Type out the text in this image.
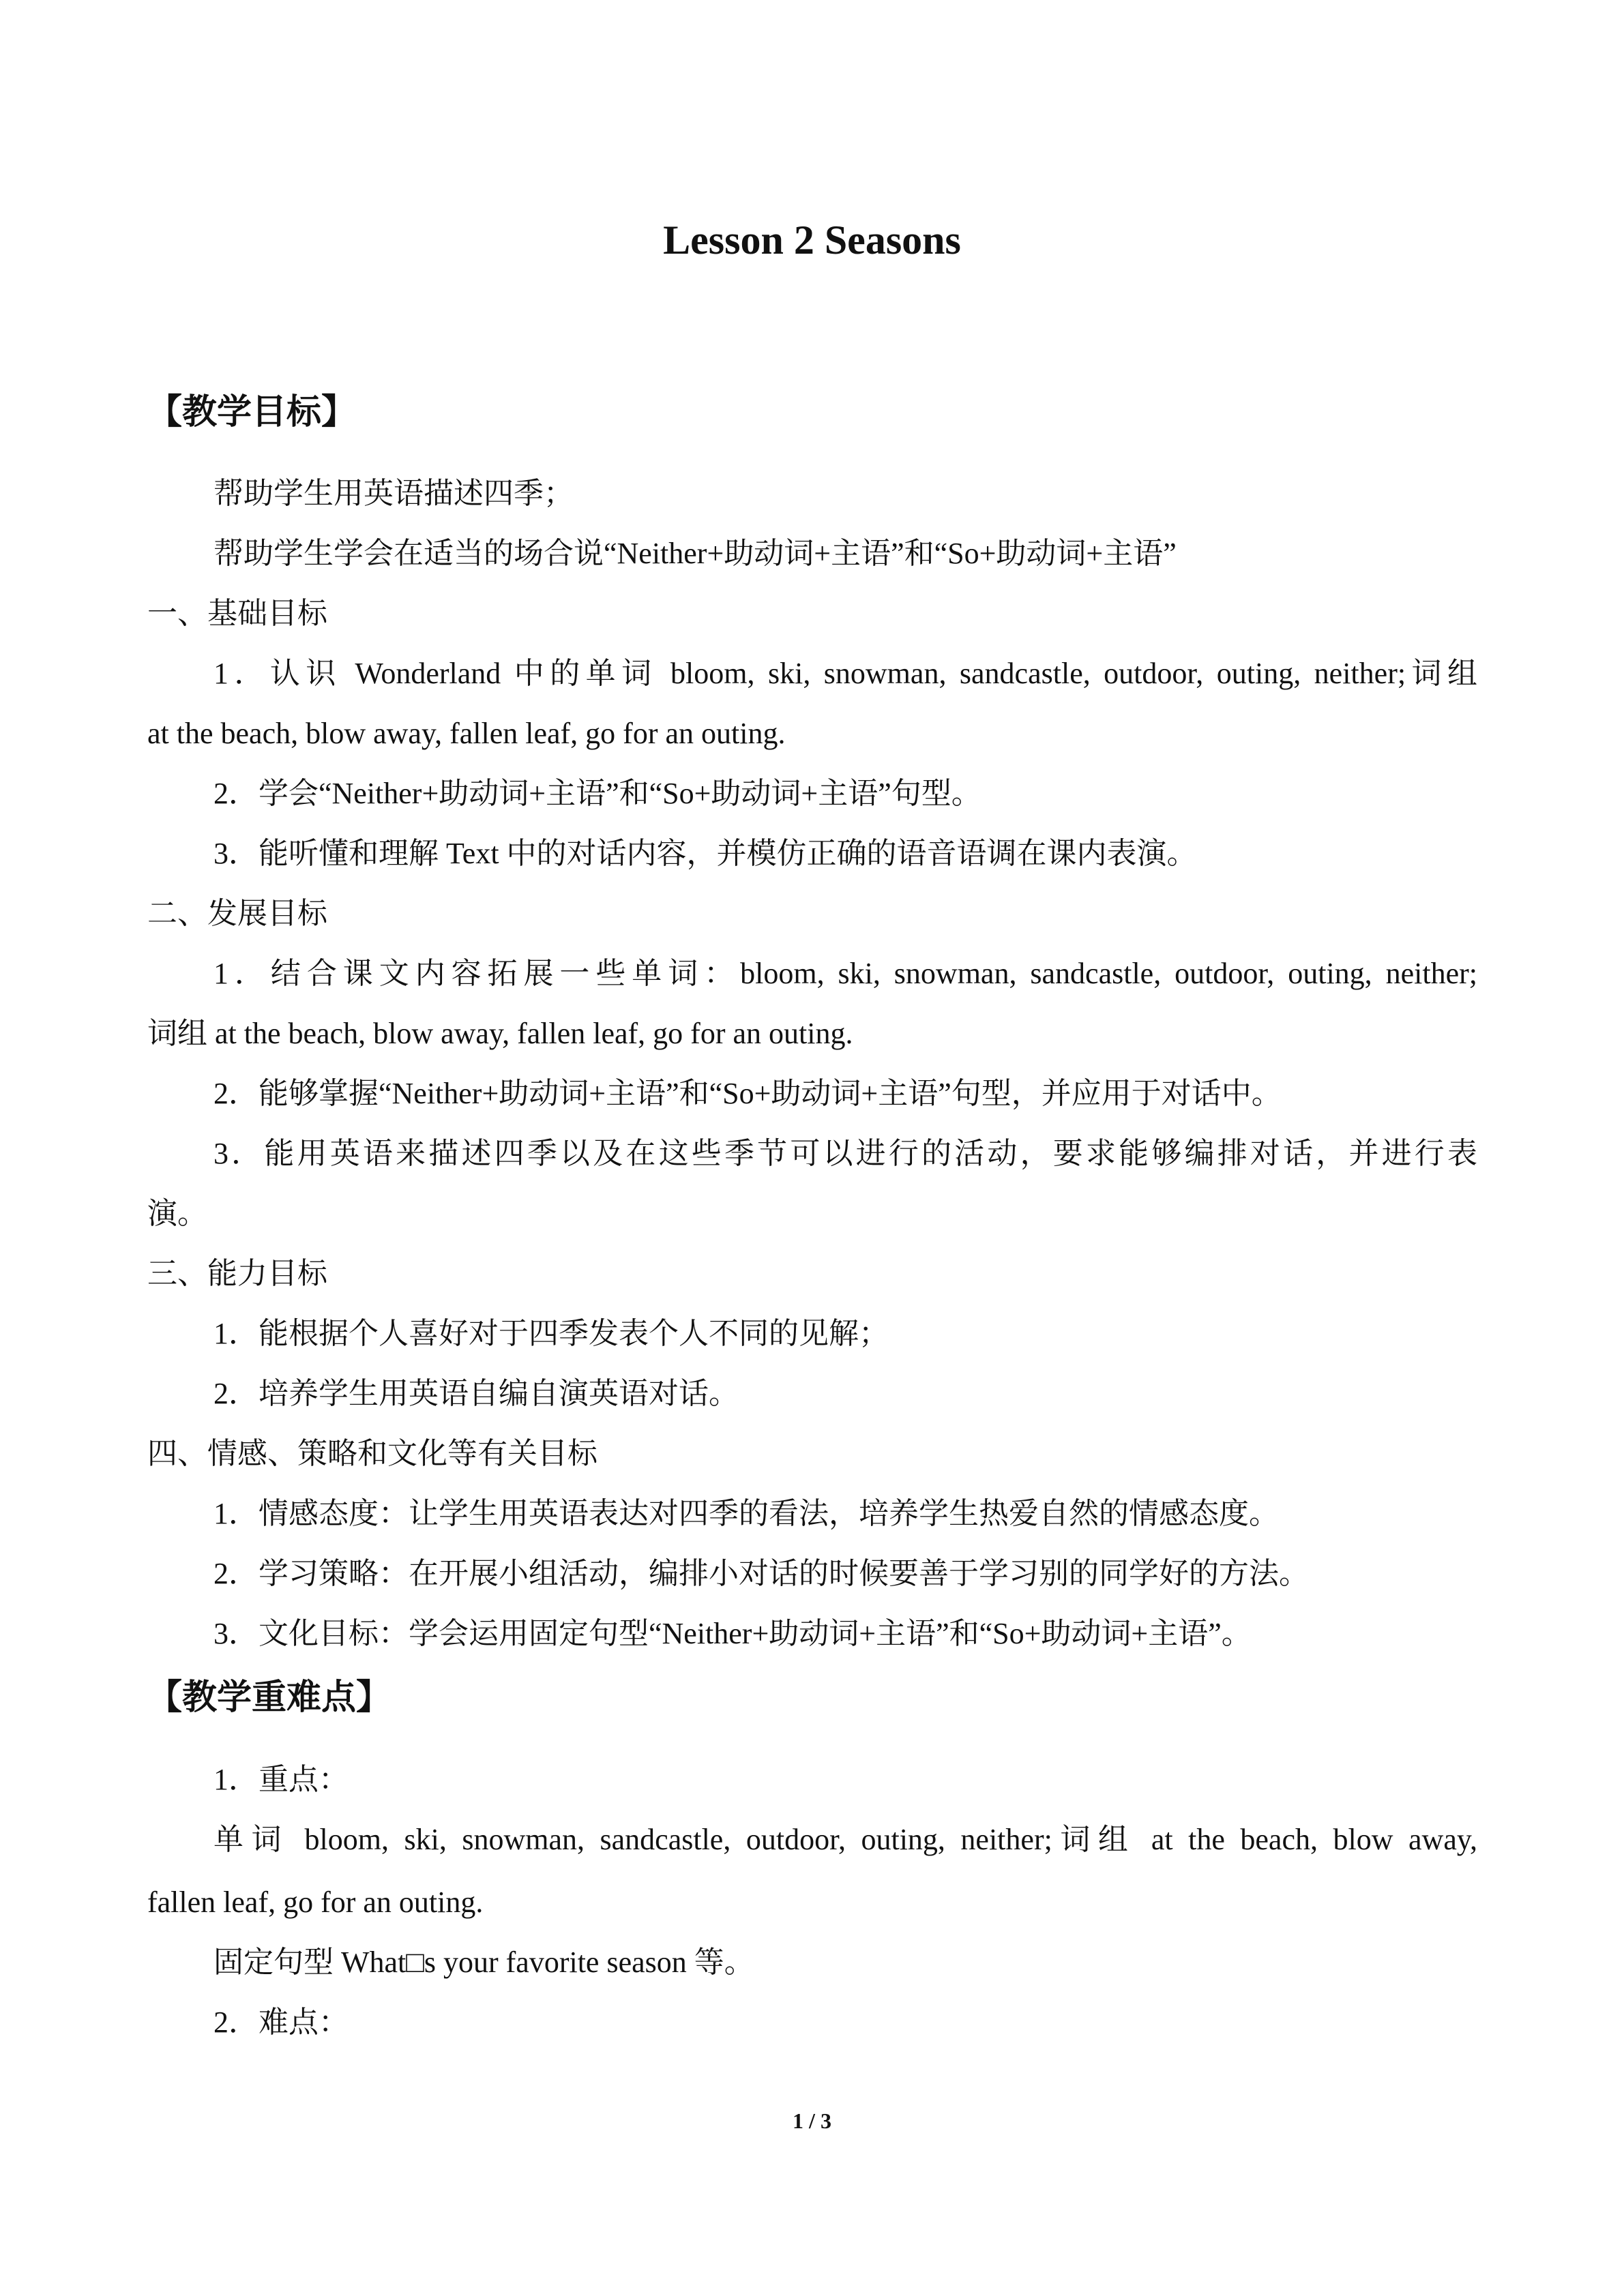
Lesson 2 Seasons
【教学目标】
帮助学生用英语描述四季；
帮助学生学会在适当的场合说“Neither+助动词+主语”和“So+助动词+主语”
一、基础目标
1．认识 Wonderland 中的单词 bloom, ski, snowman, sandcastle, outdoor, outing, neither;词组
at the beach, blow away, fallen leaf, go for an outing.
2．学会“Neither+助动词+主语”和“So+助动词+主语”句型。
3．能听懂和理解 Text 中的对话内容，并模仿正确的语音语调在课内表演。
二、发展目标
1．结合课文内容拓展一些单词：bloom, ski, snowman, sandcastle, outdoor, outing, neither;
词组 at the beach, blow away, fallen leaf, go for an outing.
2．能够掌握“Neither+助动词+主语”和“So+助动词+主语”句型，并应用于对话中。
3．能用英语来描述四季以及在这些季节可以进行的活动，要求能够编排对话，并进行表
演。
三、能力目标
1．能根据个人喜好对于四季发表个人不同的见解；
2．培养学生用英语自编自演英语对话。
四、情感、策略和文化等有关目标
1．情感态度：让学生用英语表达对四季的看法，培养学生热爱自然的情感态度。
2．学习策略：在开展小组活动，编排小对话的时候要善于学习别的同学好的方法。
3．文化目标：学会运用固定句型“Neither+助动词+主语”和“So+助动词+主语”。
【教学重难点】
1．重点：
单词 bloom, ski, snowman, sandcastle, outdoor, outing, neither;词组 at the beach, blow away,
fallen leaf, go for an outing.
固定句型 What□s your favorite season 等。
2．难点：
1 / 3
